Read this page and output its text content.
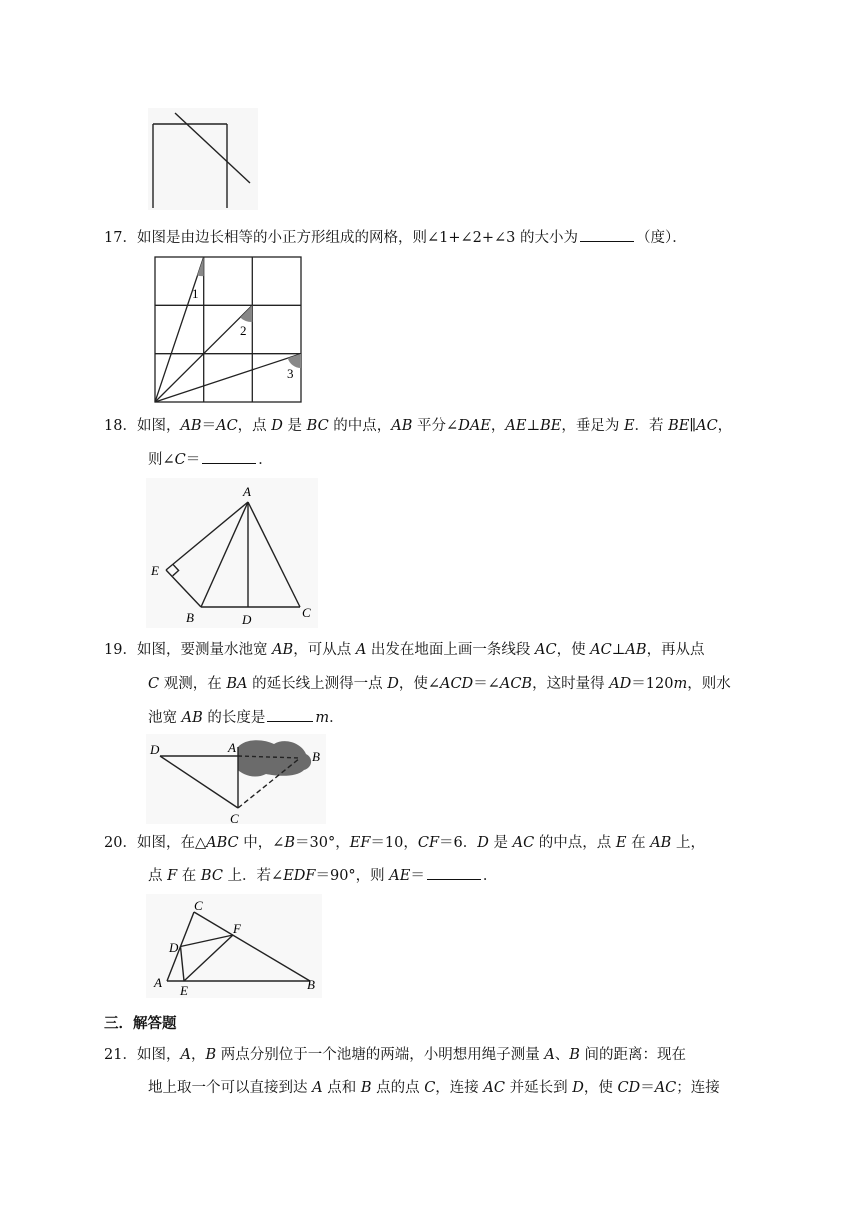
17．如图是由边长相等的小正方形组成的网格，则∠1+∠2+∠3 的大小为	（度）．
1
2
3
18．如图，AB＝AC，点 D 是 BC 的中点，AB 平分∠DAE，AE⊥BE，垂足为 E．若 BE∥AC，
则∠C＝	．
A
E
B	D	C
19．如图，要测量水池宽 AB，可从点 A 出发在地面上画一条线段 AC，使 AC⊥AB，再从点
C 观测，在 BA 的延长线上测得一点 D，使∠ACD＝∠ACB，这时量得 AD＝120m，则水
池宽 AB 的长度是	m．
D	A
B
C
20．如图，在△ABC 中，∠B＝30°，EF＝10，CF＝6．D 是 AC 的中点，点 E 在 AB 上，
点 F 在 BC 上．若∠EDF＝90°，则 AE＝	．
C
D
F
A
E	B
三．解答题
21．如图，A，B 两点分别位于一个池塘的两端，小明想用绳子测量 A、B 间的距离：现在
地上取一个可以直接到达 A 点和 B 点的点 C，连接 AC 并延长到 D，使 CD＝AC；连接
